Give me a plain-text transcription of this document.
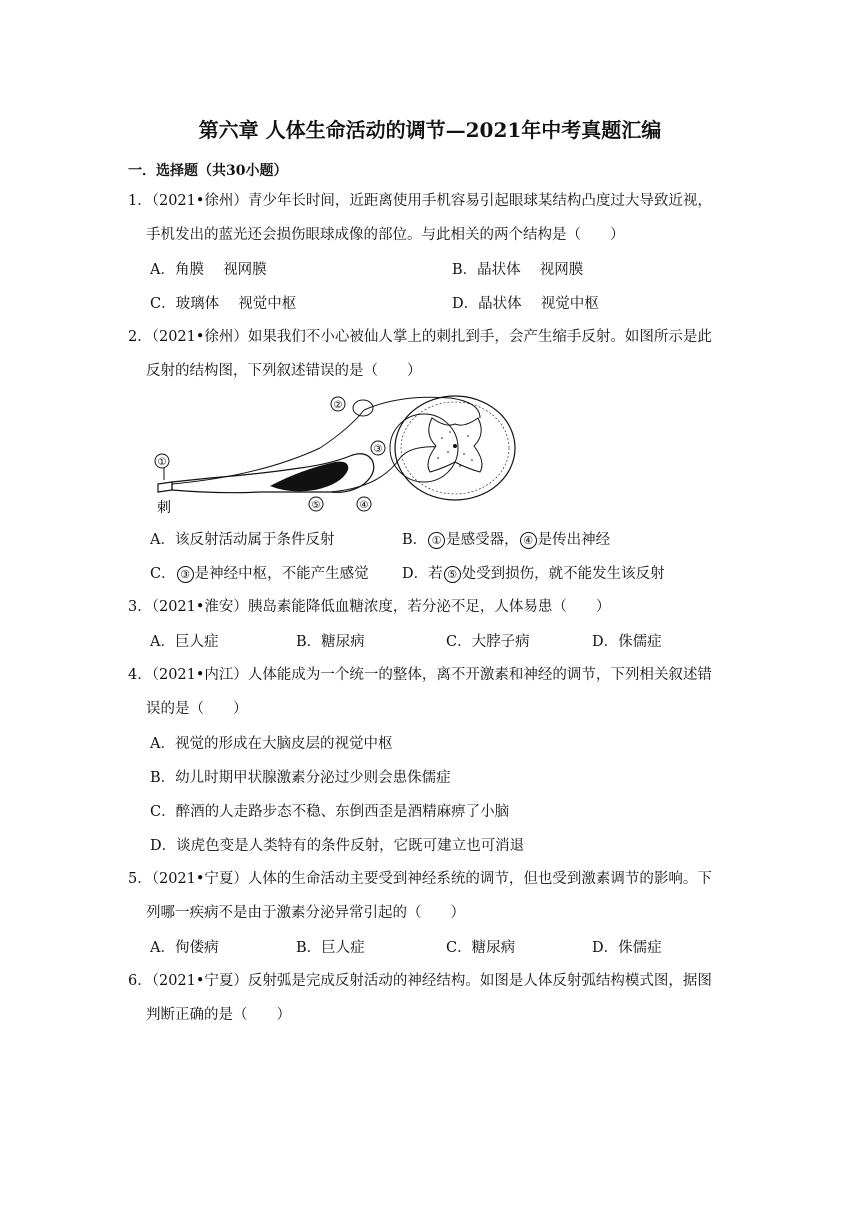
第六章 人体生命活动的调节—2021年中考真题汇编
一．选择题（共30小题）
1．（2021•徐州）青少年长时间，近距离使用手机容易引起眼球某结构凸度过大导致近视，
手机发出的蓝光还会损伤眼球成像的部位。与此相关的两个结构是（　　）
A．角膜　 视网膜	B．晶状体　 视网膜
C．玻璃体　 视觉中枢	D．晶状体　 视觉中枢
2．（2021•徐州）如果我们不小心被仙人掌上的刺扎到手，会产生缩手反射。如图所示是此
反射的结构图，下列叙述错误的是（　　）
①
②
③
④
⑤
刺
A．该反射活动属于条件反射	B． ① 是感受器， ④ 是传出神经
C． ③ 是神经中枢，不能产生感觉 D．若 ⑤ 处受到损伤，就不能发生该反射
3．（2021•淮安）胰岛素能降低血糖浓度，若分泌不足，人体易患（　　）
A．巨人症	B．糖尿病	C．大脖子病	D．侏儒症
4．（2021•内江）人体能成为一个统一的整体，离不开激素和神经的调节，下列相关叙述错
误的是（　　）
A．视觉的形成在大脑皮层的视觉中枢
B．幼儿时期甲状腺激素分泌过少则会患侏儒症
C．醉酒的人走路步态不稳、东倒西歪是酒精麻痹了小脑
D．谈虎色变是人类特有的条件反射，它既可建立也可消退
5．（2021•宁夏）人体的生命活动主要受到神经系统的调节，但也受到激素调节的影响。下
列哪一疾病不是由于激素分泌异常引起的（　　）
A．佝偻病	B．巨人症	C．糖尿病	D．侏儒症
6．（2021•宁夏）反射弧是完成反射活动的神经结构。如图是人体反射弧结构模式图，据图
判断正确的是（　　）
